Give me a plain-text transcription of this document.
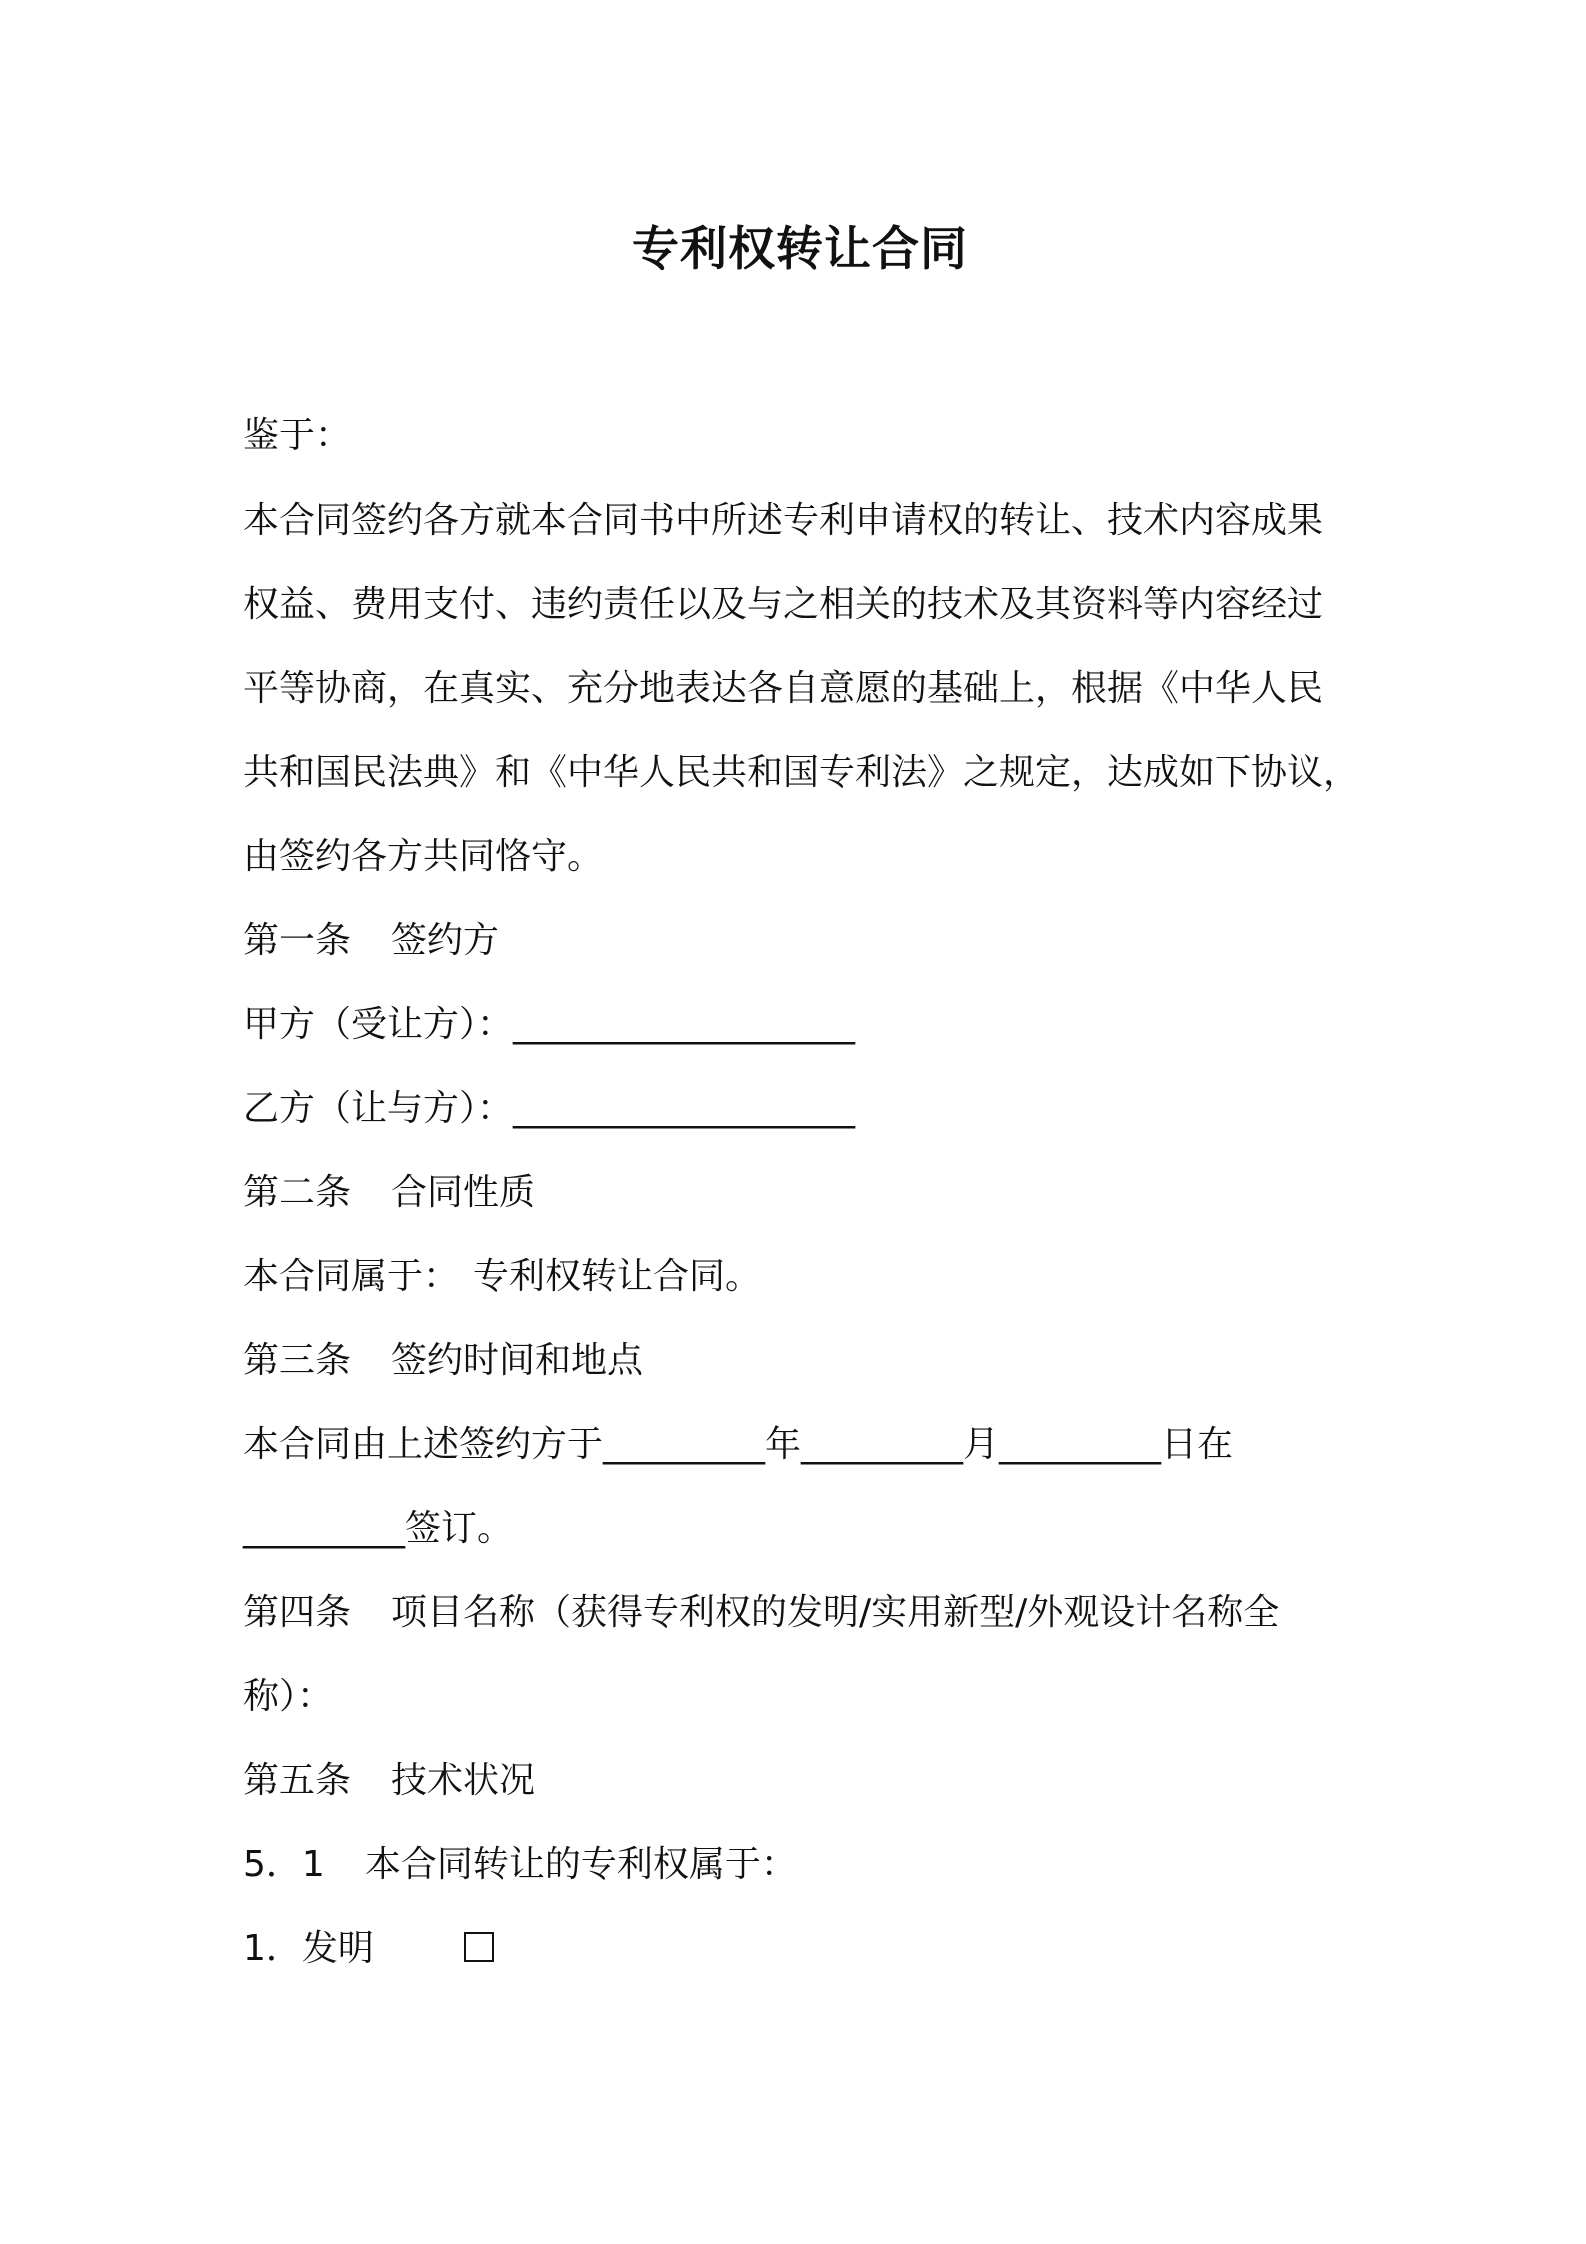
专利权转让合同
鉴于：
本合同签约各方就本合同书中所述专利申请权的转让、技术内容成果
权益、费用支付、违约责任以及与之相关的技术及其资料等内容经过
平等协商，在真实、充分地表达各自意愿的基础上，根据《中华人民
共和国民法典》和《中华人民共和国专利法》之规定，达成如下协议，
由签约各方共同恪守。
第一条 签约方
甲方（受让方）：___________________
乙方（让与方）：___________________
第二条 合同性质
本合同属于： 专利权转让合同。
第三条 签约时间和地点
本合同由上述签约方于_________年_________月_________日在
_________签订。
第四条 项目名称（获得专利权的发明/实用新型/外观设计名称全
称）：
第五条 技术状况
5．1 本合同转让的专利权属于：
1．发明
